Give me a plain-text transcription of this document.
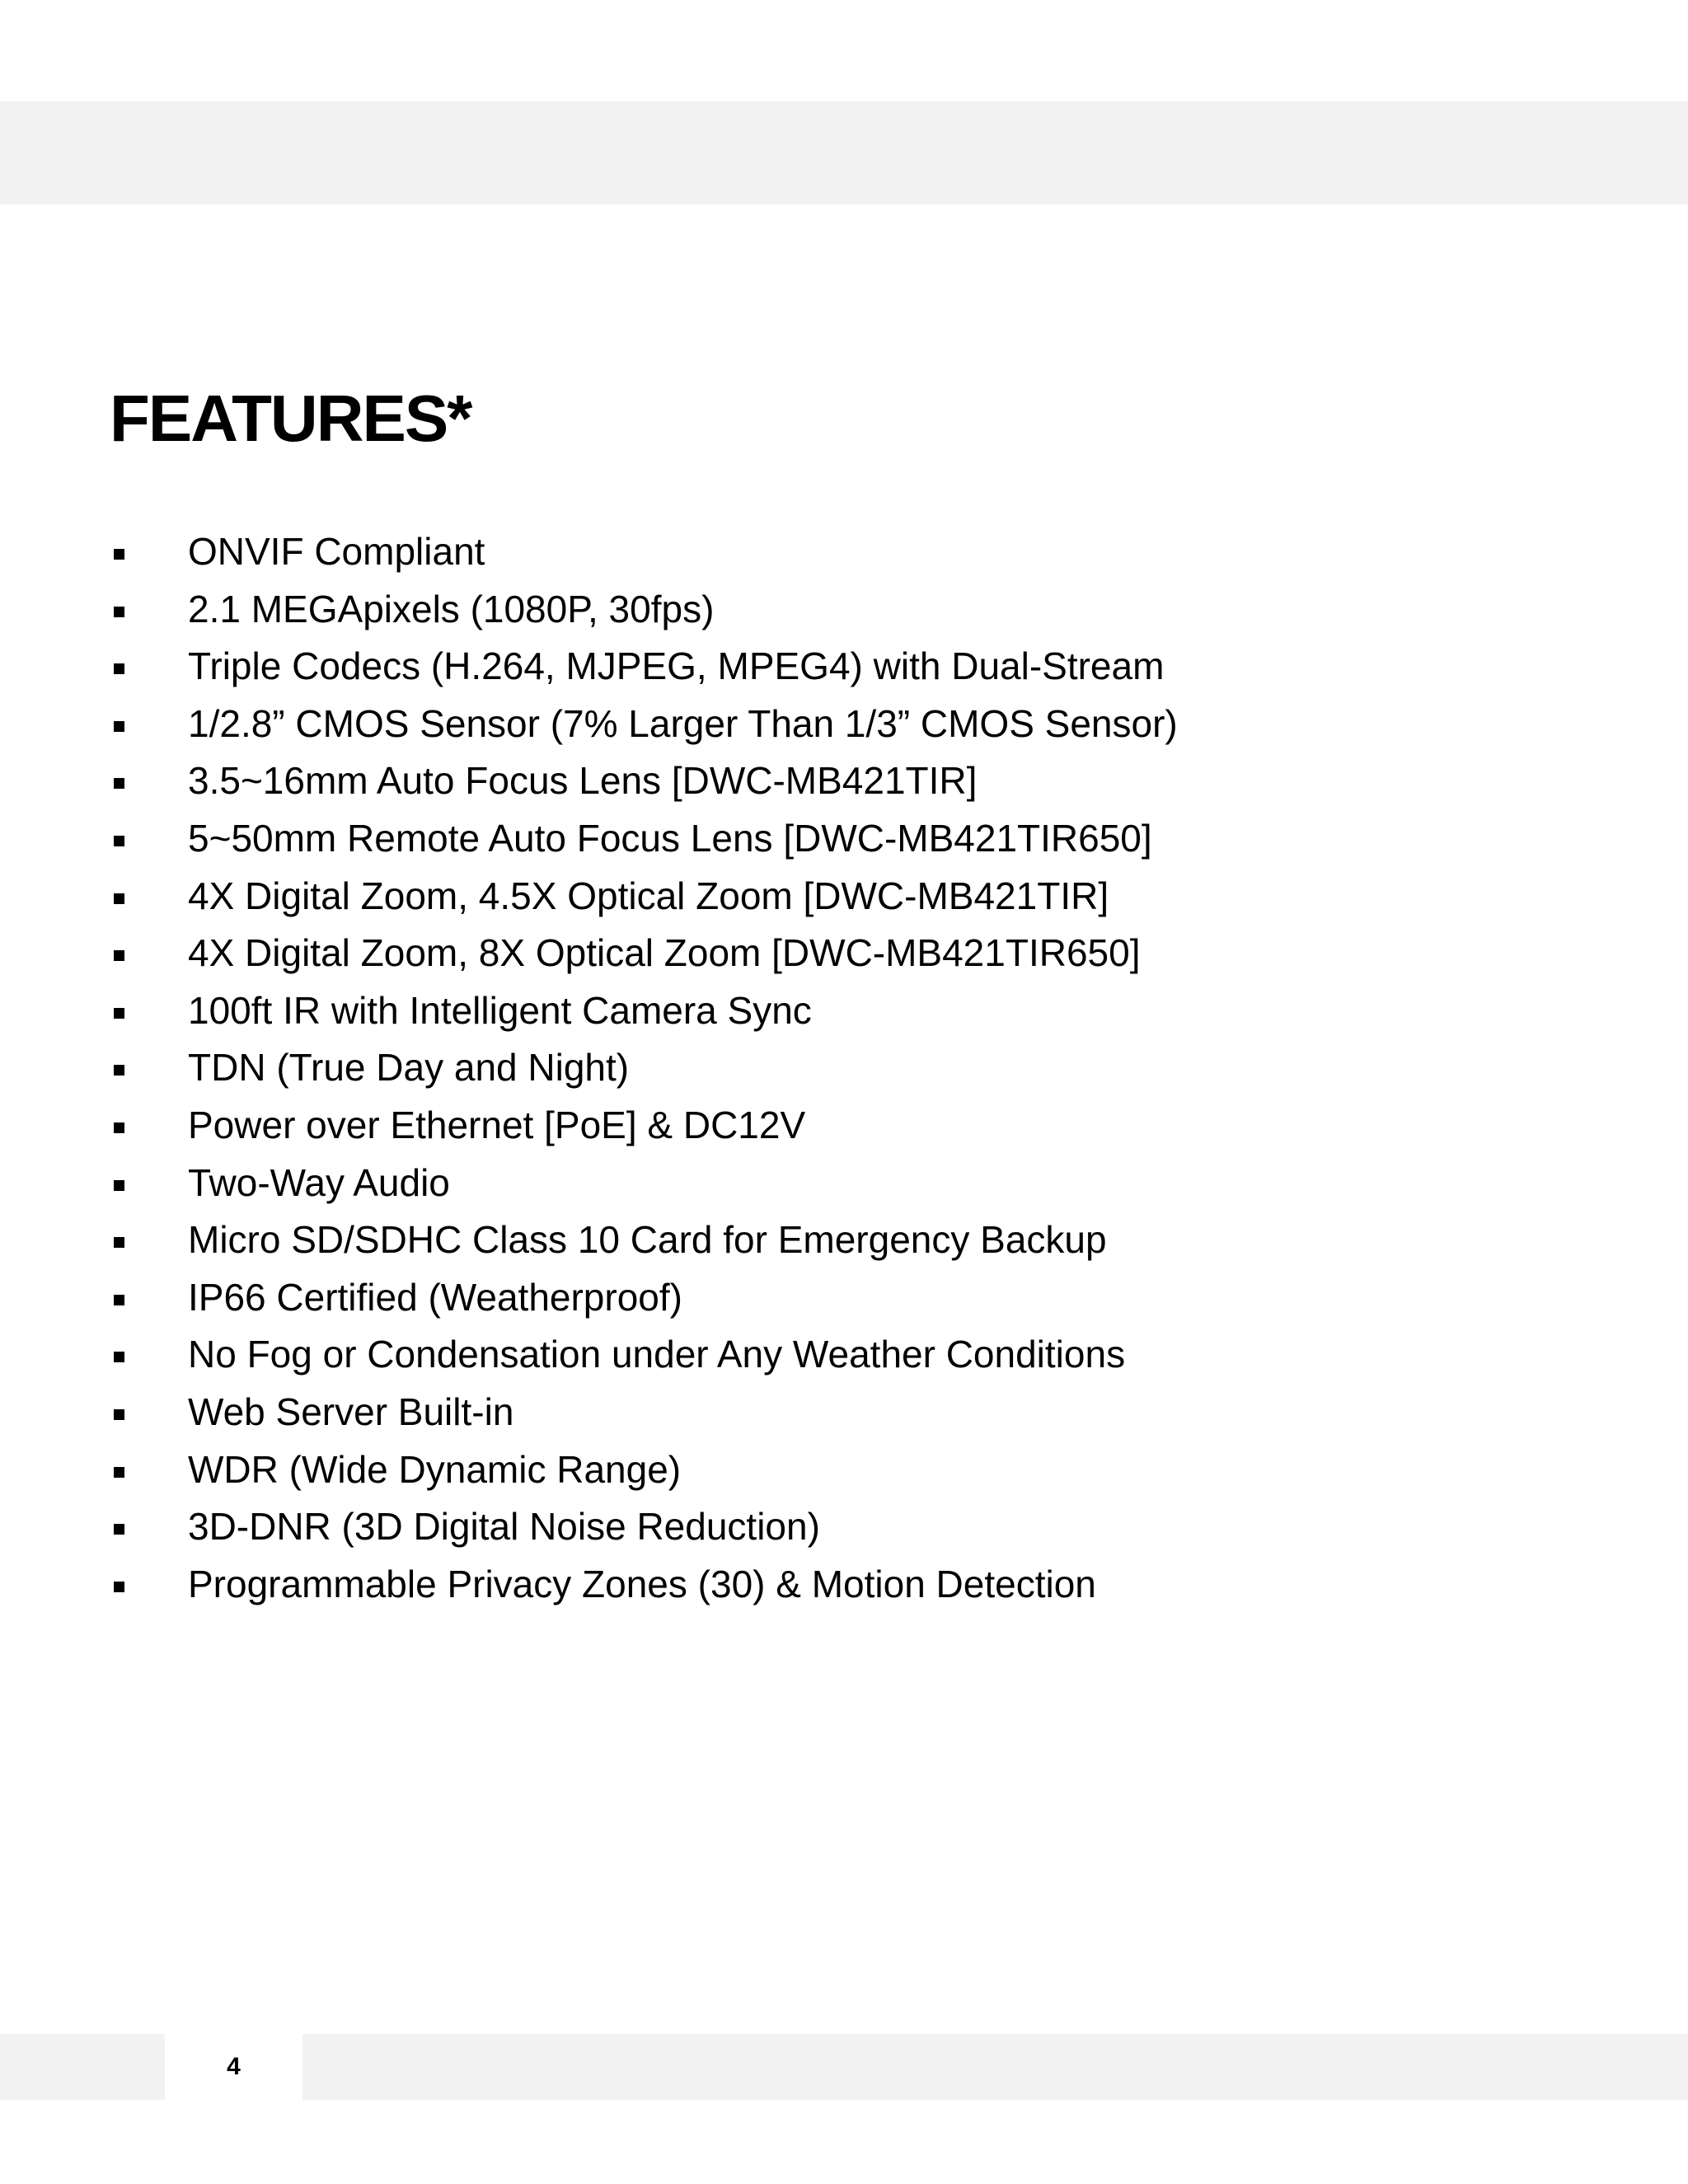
FEATURES*
ONVIF Compliant
2.1 MEGApixels (1080P, 30fps)
Triple Codecs (H.264, MJPEG, MPEG4) with Dual-Stream
1/2.8” CMOS Sensor (7% Larger Than 1/3” CMOS Sensor)
3.5~16mm Auto Focus Lens [DWC-MB421TIR]
5~50mm Remote Auto Focus Lens [DWC-MB421TIR650]
4X Digital Zoom, 4.5X Optical Zoom [DWC-MB421TIR]
4X Digital Zoom, 8X Optical Zoom [DWC-MB421TIR650]
100ft IR with Intelligent Camera Sync
TDN (True Day and Night)
Power over Ethernet [PoE] & DC12V
Two-Way Audio
Micro SD/SDHC Class 10 Card for Emergency Backup
IP66 Certified (Weatherproof)
No Fog or Condensation under Any Weather Conditions
Web Server Built-in
WDR (Wide Dynamic Range)
3D-DNR (3D Digital Noise Reduction)
Programmable Privacy Zones (30) & Motion Detection
4
